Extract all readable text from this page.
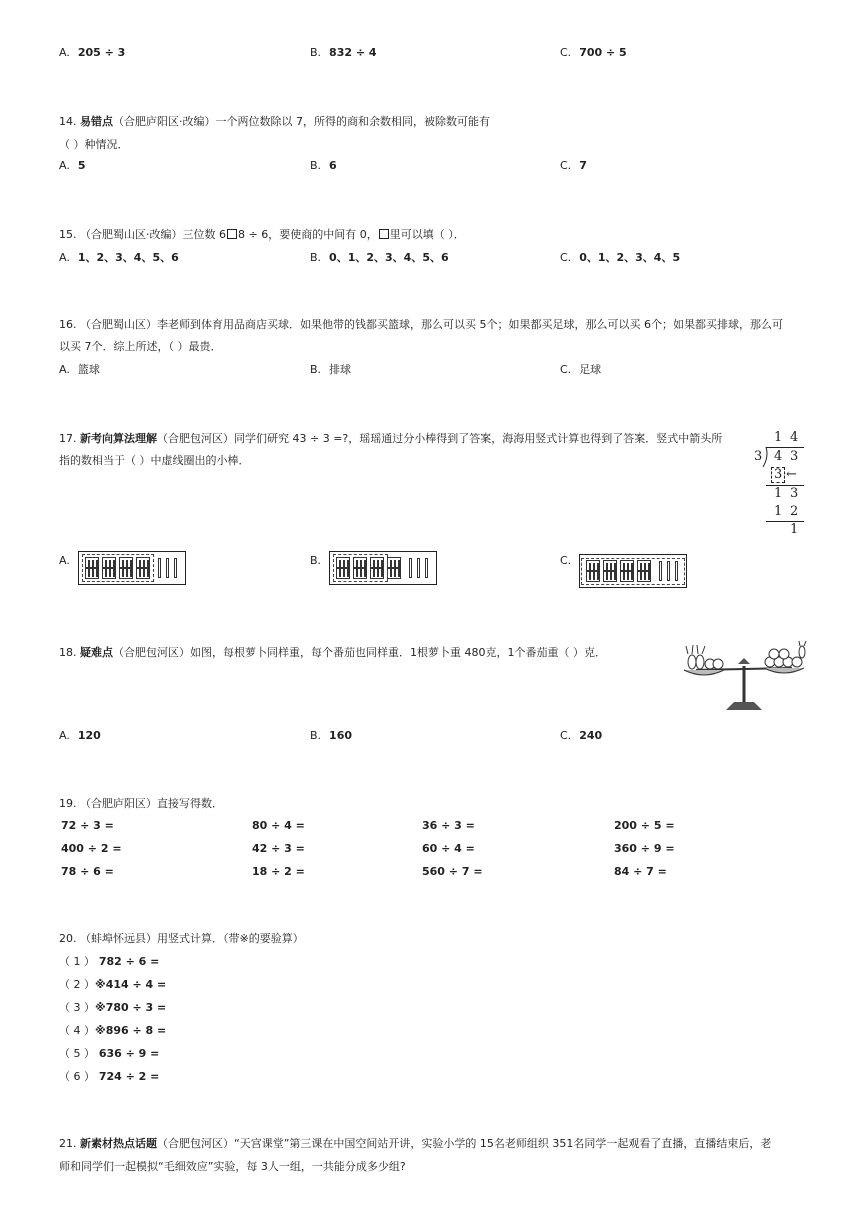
A. 205 ÷ 3	B. 832 ÷ 4	C. 700 ÷ 5
14. 易错点（合肥庐阳区·改编）一个两位数除以 7，所得的商和余数相同，被除数可能有
（ ）种情况．
A. 5	B. 6	C. 7
15. （合肥蜀山区·改编）三位数 6 8 ÷ 6，要使商的中间有 0， 里可以填（ ）．
A. 1、2、3、4、5、6	B. 0、1、2、3、4、5、6	C. 0、1、2、3、4、5
16. （合肥蜀山区）李老师到体育用品商店买球．如果他带的钱都买篮球，那么可以买 5个；如果都买足球，那么可以买 6个；如果都买排球，那么可
以买 7个．综上所述，（ ）最贵．
A. 篮球	B. 排球	C. 足球
17. 新考向算法理解（合肥包河区）同学们研究 43 ÷ 3 =?，瑶瑶通过分小棒得到了答案，海海用竖式计算也得到了答案．竖式中箭头所
指的数相当于（ ）中虚线圈出的小棒．
1 4
3 4 3
3 ←
1 3
1 2
1
A.	B.	C.
18. 疑难点（合肥包河区）如图，每根萝卜同样重，每个番茄也同样重．1根萝卜重 480克，1个番茄重（ ）克．
A. 120	B. 160	C. 240
19. （合肥庐阳区）直接写得数．
72 ÷ 3 =	80 ÷ 4 =	36 ÷ 3 =	200 ÷ 5 =
400 ÷ 2 =	42 ÷ 3 =	60 ÷ 4 =	360 ÷ 9 =
78 ÷ 6 =	18 ÷ 2 =	560 ÷ 7 =	84 ÷ 7 =
20. （蚌埠怀远县）用竖式计算．（带※的要验算）
（ 1 ） 782 ÷ 6 =
（ 2 ）※414 ÷ 4 =
（ 3 ）※780 ÷ 3 =
（ 4 ）※896 ÷ 8 =
（ 5 ） 636 ÷ 9 =
（ 6 ） 724 ÷ 2 =
21. 新素材热点话题（合肥包河区）“天宫课堂”第三课在中国空间站开讲，实验小学的 15名老师组织 351名同学一起观看了直播，直播结束后，老
师和同学们一起模拟“毛细效应”实验，每 3人一组，一共能分成多少组?
